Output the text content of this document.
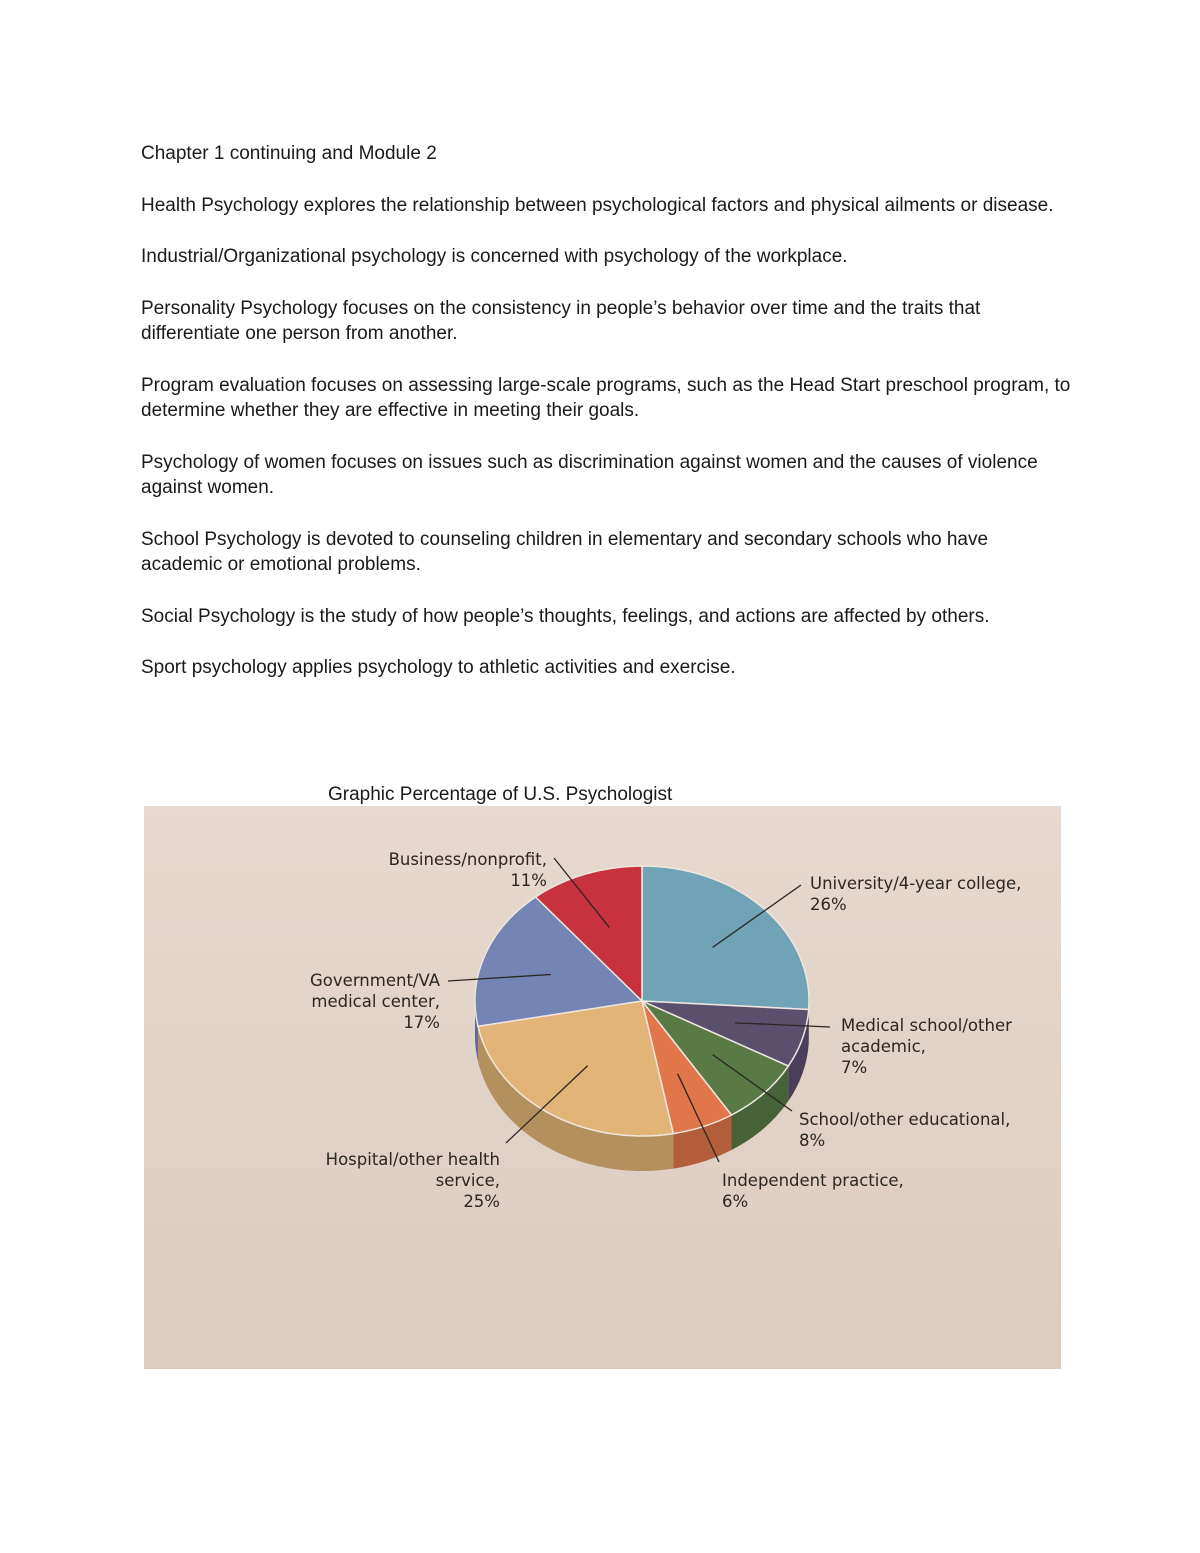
Chapter 1 continuing and Module 2

Health Psychology explores the relationship between psychological factors and physical ailments or disease.

Industrial/Organizational psychology is concerned with psychology of the workplace.

Personality Psychology focuses on the consistency in people’s behavior over time and the traits that differentiate one person from another.

Program evaluation focuses on assessing large-scale programs, such as the Head Start preschool program, to determine whether they are effective in meeting their goals.

Psychology of women focuses on issues such as discrimination against women and the causes of violence against women.

School Psychology is devoted to counseling children in elementary and secondary schools who have academic or emotional problems.

Social Psychology is the study of how people’s thoughts, feelings, and actions are affected by others.

Sport psychology applies psychology to athletic activities and exercise.

Graphic Percentage of U.S. Psychologist
University/4-year college, 26%
Medical school/other academic, 7%
School/other educational, 8%
Independent practice, 6%
Hospital/other health service, 25%
Government/VA medical center, 17%
Business/nonprofit, 11%
